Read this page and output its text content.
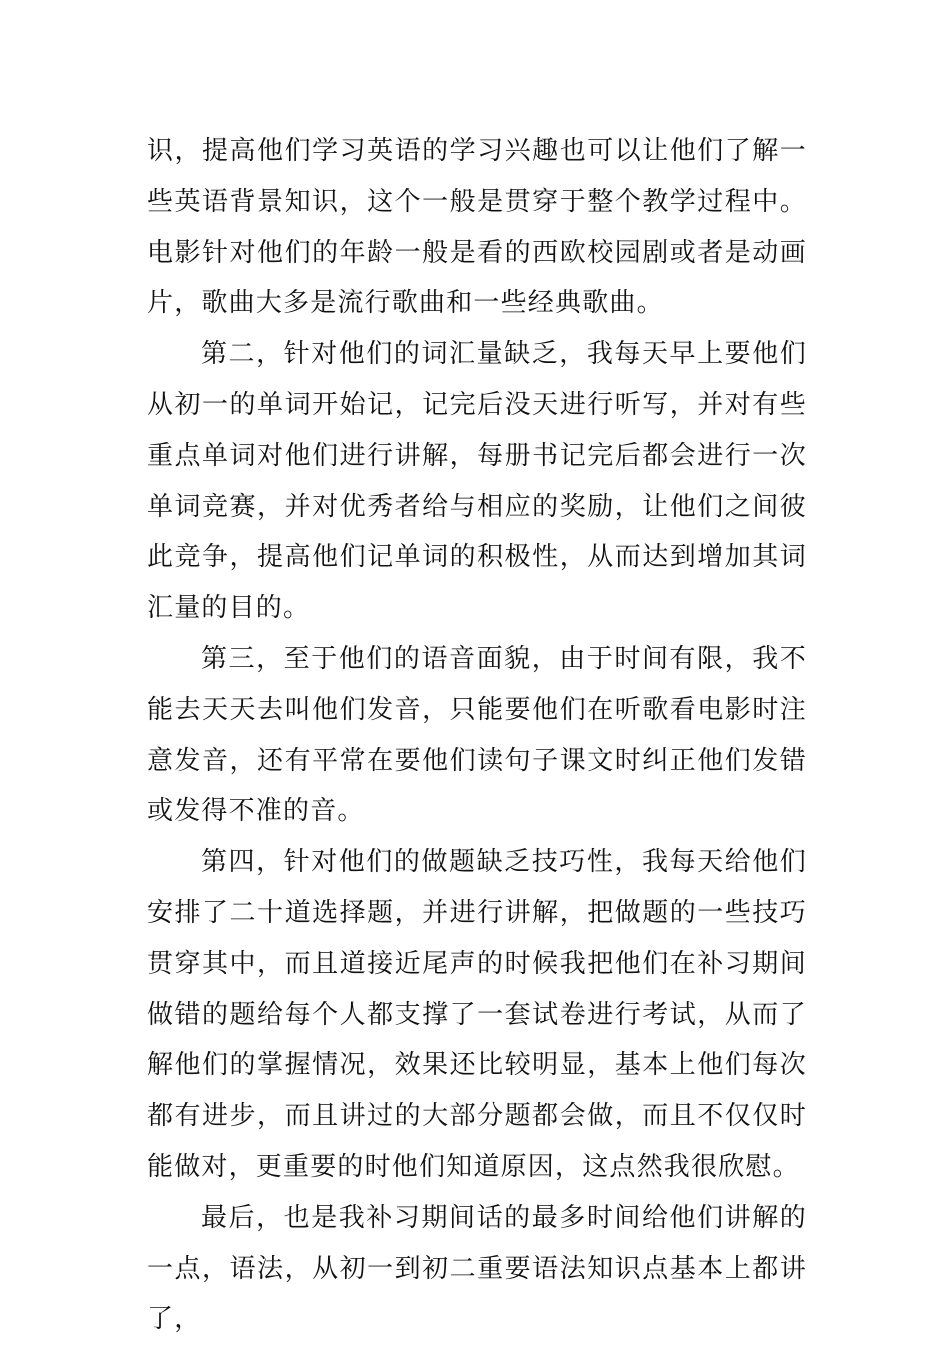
识，提高他们学习英语的学习兴趣也可以让他们了解一些英语背景知识，这个一般是贯穿于整个教学过程中。电影针对他们的年龄一般是看的西欧校园剧或者是动画片，歌曲大多是流行歌曲和一些经典歌曲。

第二，针对他们的词汇量缺乏，我每天早上要他们从初一的单词开始记，记完后没天进行听写，并对有些重点单词对他们进行讲解，每册书记完后都会进行一次单词竞赛，并对优秀者给与相应的奖励，让他们之间彼此竞争，提高他们记单词的积极性，从而达到增加其词汇量的目的。

第三，至于他们的语音面貌，由于时间有限，我不能去天天去叫他们发音，只能要他们在听歌看电影时注意发音，还有平常在要他们读句子课文时纠正他们发错或发得不准的音。

第四，针对他们的做题缺乏技巧性，我每天给他们安排了二十道选择题，并进行讲解，把做题的一些技巧贯穿其中，而且道接近尾声的时候我把他们在补习期间做错的题给每个人都支撑了一套试卷进行考试，从而了解他们的掌握情况，效果还比较明显，基本上他们每次都有进步，而且讲过的大部分题都会做，而且不仅仅时能做对，更重要的时他们知道原因，这点然我很欣慰。

最后，也是我补习期间话的最多时间给他们讲解的一点，语法，从初一到初二重要语法知识点基本上都讲了，
